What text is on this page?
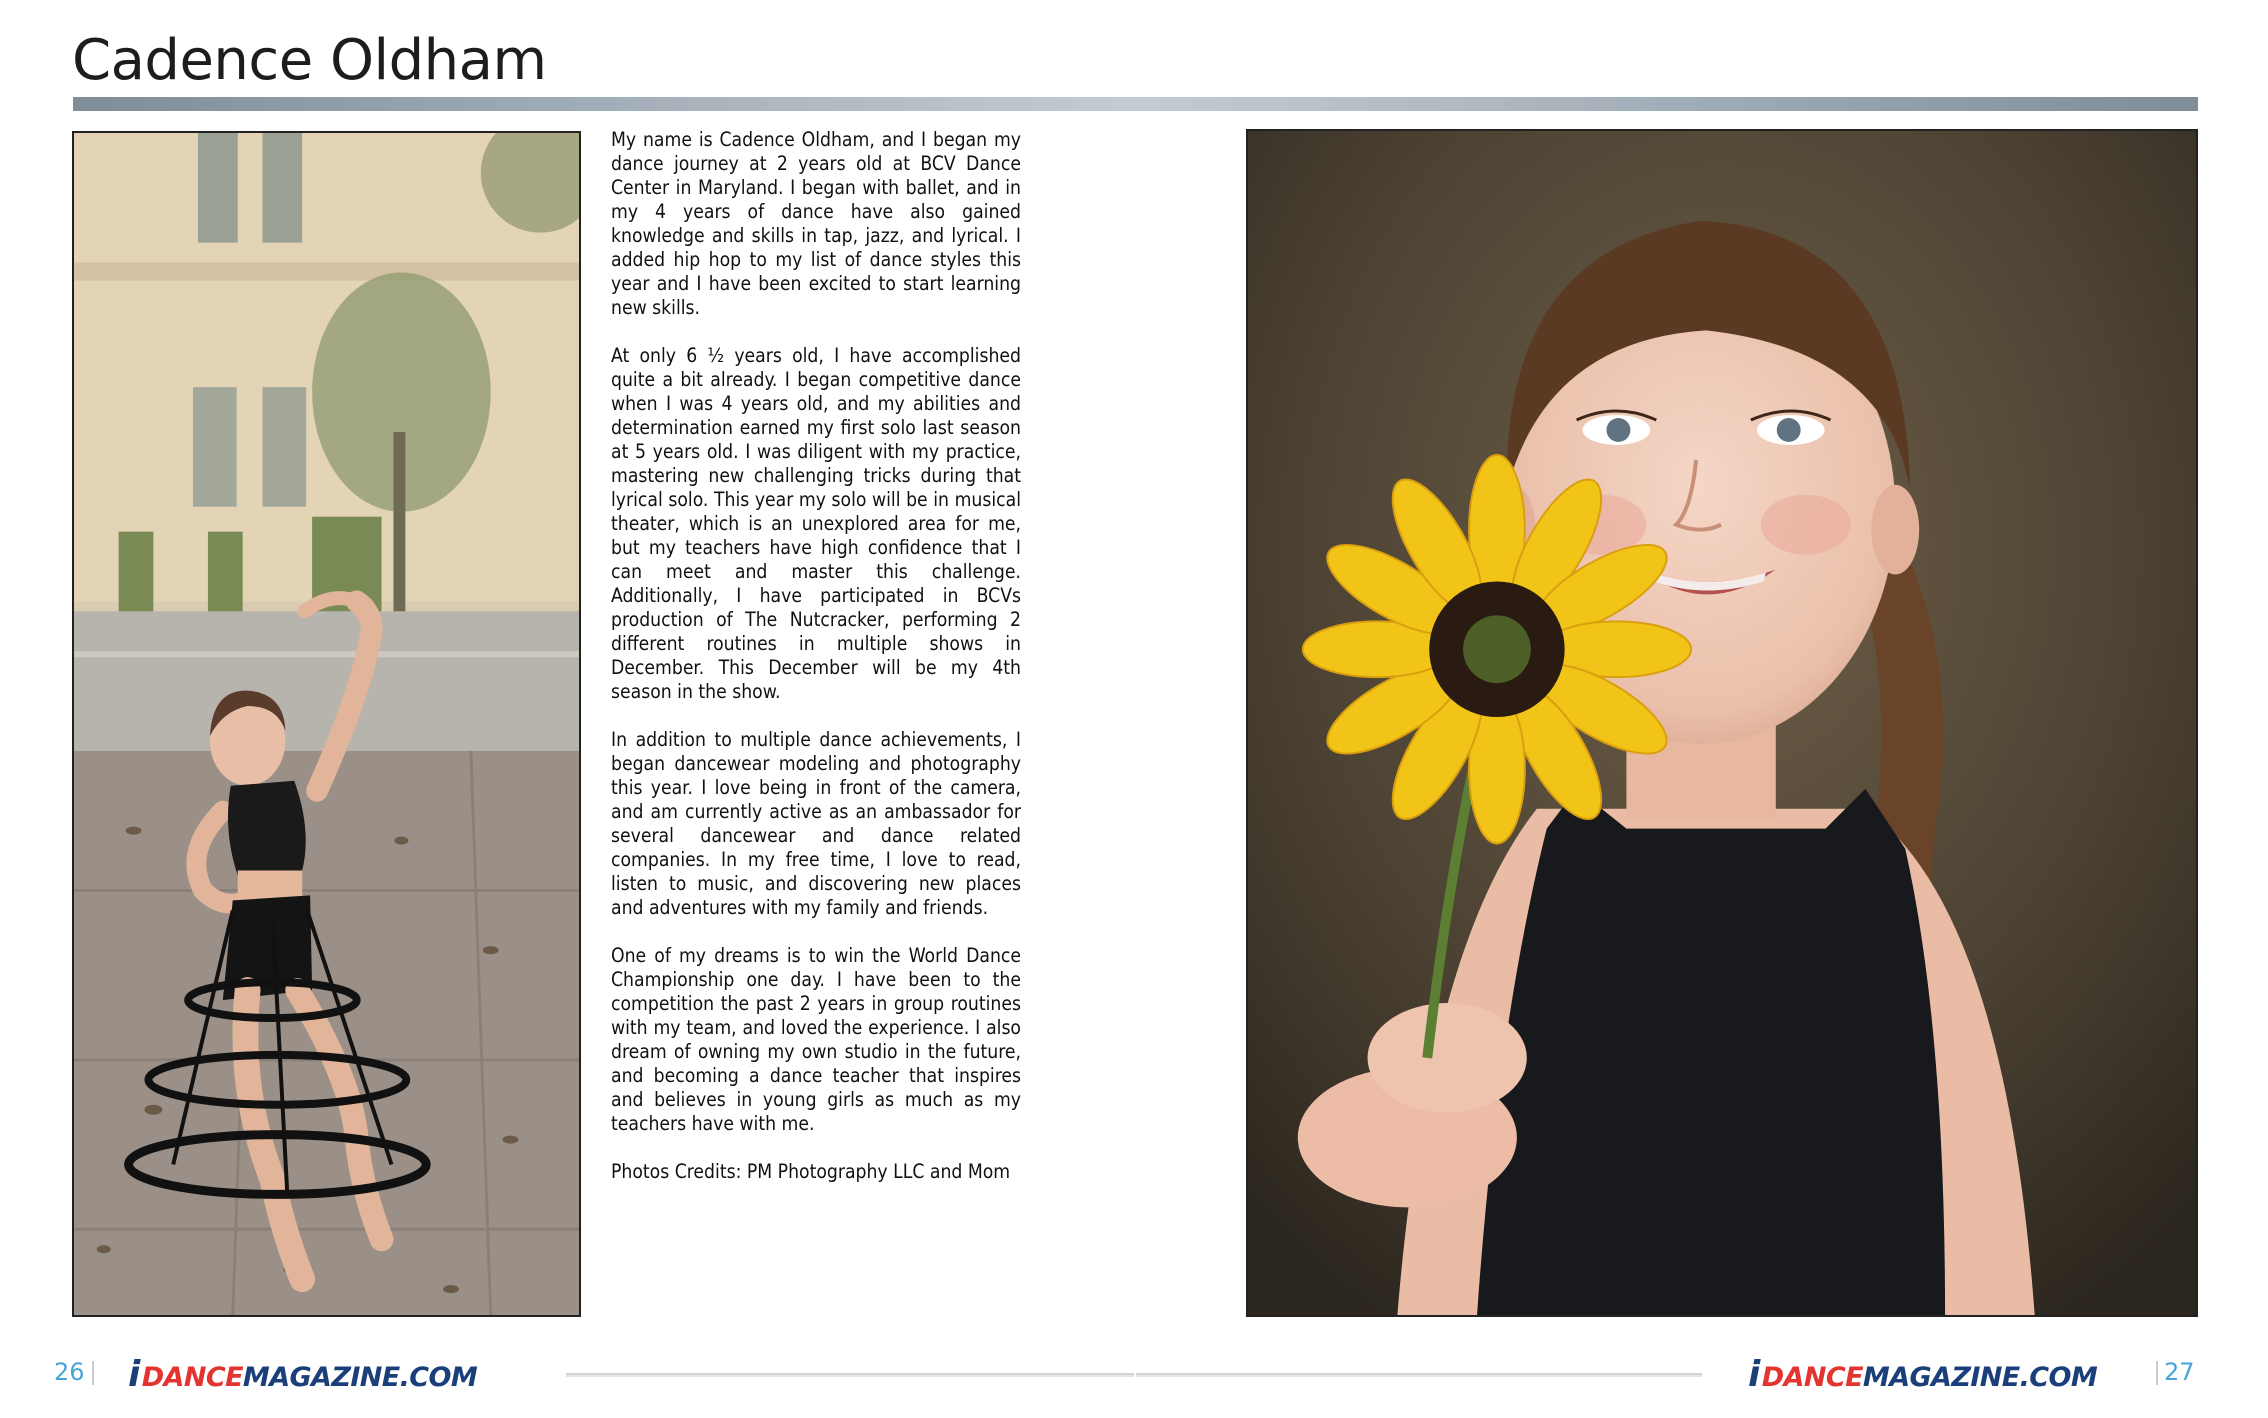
Cadence Oldham

My name is Cadence Oldham, and I began my dance journey at 2 years old at BCV Dance Center in Maryland. I began with ballet, and in my 4 years of dance have also gained knowledge and skills in tap, jazz, and lyrical. I added hip hop to my list of dance styles this year and I have been excited to start learning new skills.

At only 6 ½ years old, I have accomplished quite a bit already. I began competitive dance when I was 4 years old, and my abilities and determination earned my first solo last season at 5 years old. I was diligent with my practice, mastering new challenging tricks during that lyrical solo. This year my solo will be in musical theater, which is an unexplored area for me, but my teachers have high confidence that I can meet and master this challenge. Additionally, I have participated in BCVs production of The Nutcracker, performing 2 different routines in multiple shows in December. This December will be my 4th season in the show.

In addition to multiple dance achievements, I began dancewear modeling and photography this year. I love being in front of the camera, and am currently active as an ambassador for several dancewear and dance related companies. In my free time, I love to read, listen to music, and discovering new places and adventures with my family and friends.

One of my dreams is to win the World Dance Championship one day. I have been to the competition the past 2 years in group routines with my team, and loved the experience. I also dream of owning my own studio in the future, and becoming a dance teacher that inspires and believes in young girls as much as my teachers have with me.

Photos Credits: PM Photography LLC and Mom

26 iDANCEMAGAZINE.COM	iDANCEMAGAZINE.COM	27
